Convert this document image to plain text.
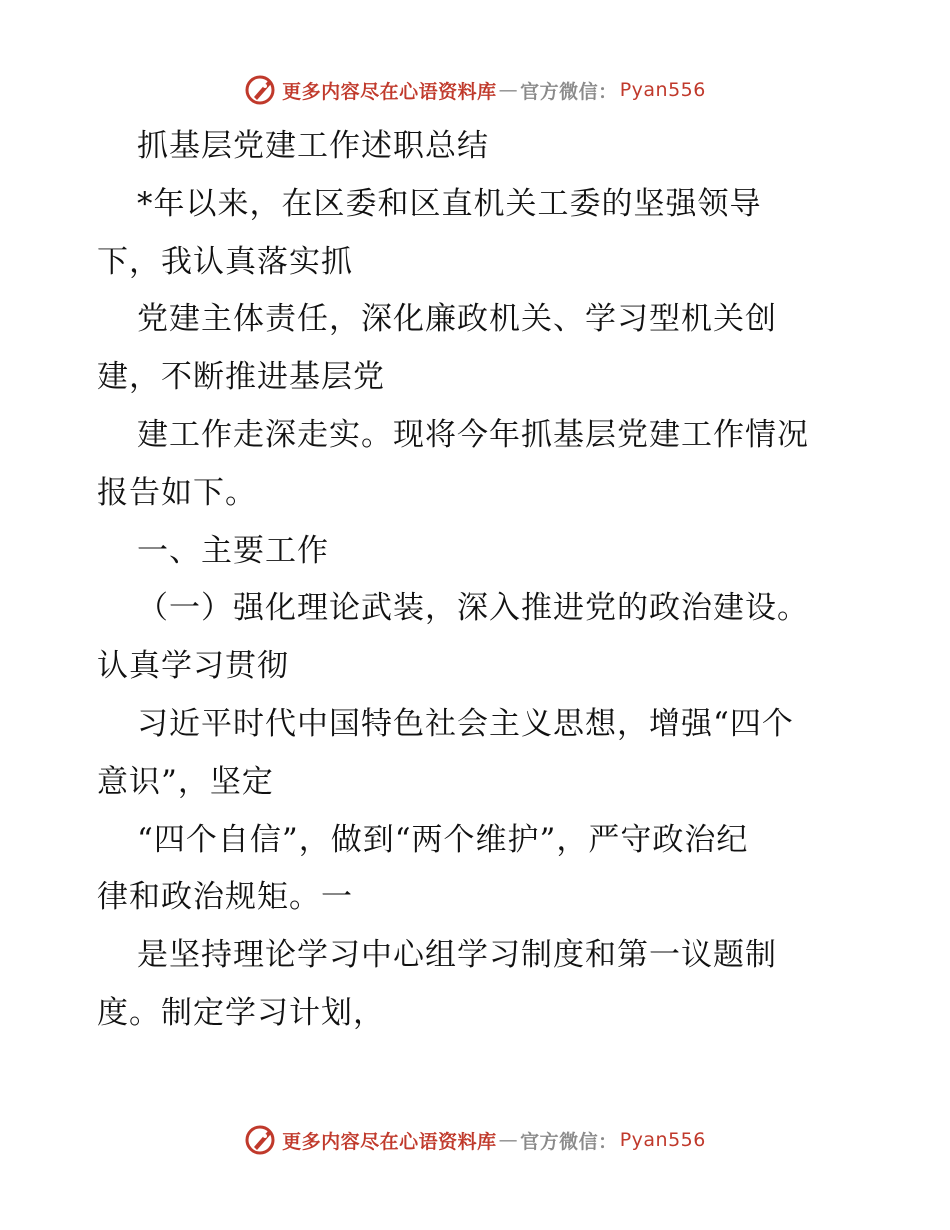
更多内容尽在心语资料库 — 官方微信： Pyan556

抓基层党建工作述职总结

*年以来，在区委和区直机关工委的坚强领导

下，我认真落实抓

党建主体责任，深化廉政机关、学习型机关创

建，不断推进基层党

建工作走深走实。现将今年抓基层党建工作情况

报告如下。

一、主要工作

（一）强化理论武装，深入推进党的政治建设。

认真学习贯彻

习近平时代中国特色社会主义思想，增强“四个

意识”，坚定

“四个自信”，做到“两个维护”，严守政治纪

律和政治规矩。一

是坚持理论学习中心组学习制度和第一议题制

度。制定学习计划，

更多内容尽在心语资料库 — 官方微信： Pyan556
